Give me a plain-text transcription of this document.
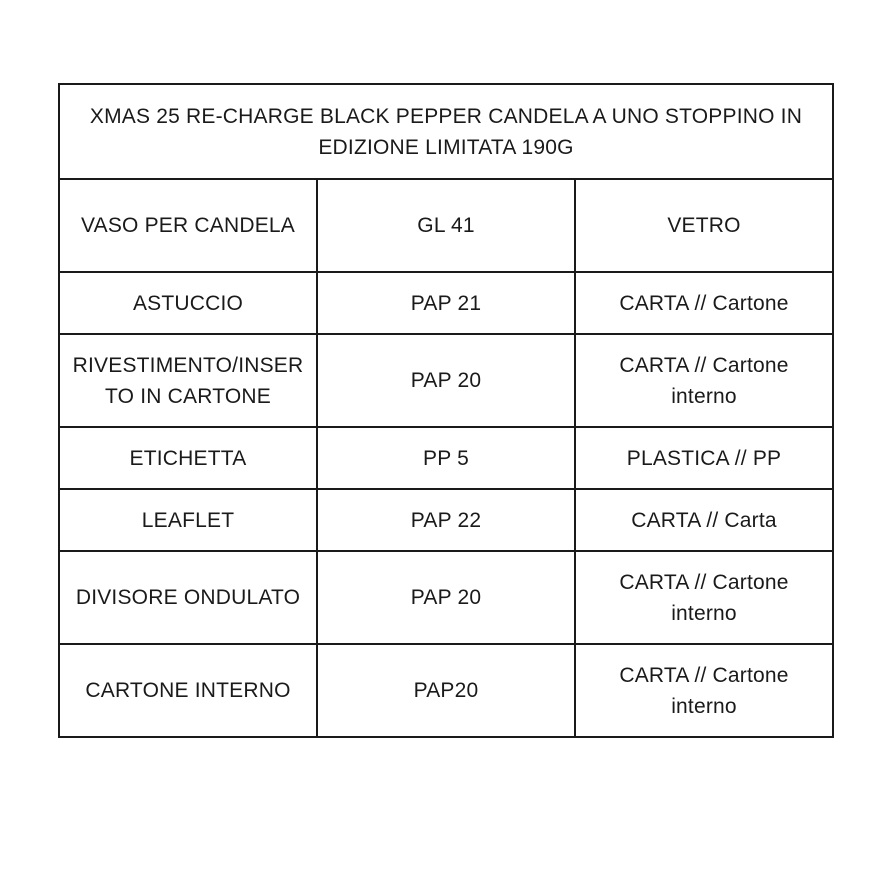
XMAS 25 RE-CHARGE BLACK PEPPER CANDELA A UNO STOPPINO IN EDIZIONE LIMITATA 190G		
VASO PER CANDELA	GL 41	VETRO
ASTUCCIO	PAP 21	CARTA // Cartone
RIVESTIMENTO/INSERTO IN CARTONE	PAP 20	CARTA // Cartone interno
ETICHETTA	PP 5	PLASTICA // PP
LEAFLET	PAP 22	CARTA // Carta
DIVISORE ONDULATO	PAP 20	CARTA // Cartone interno
CARTONE INTERNO	PAP20	CARTA // Cartone interno
